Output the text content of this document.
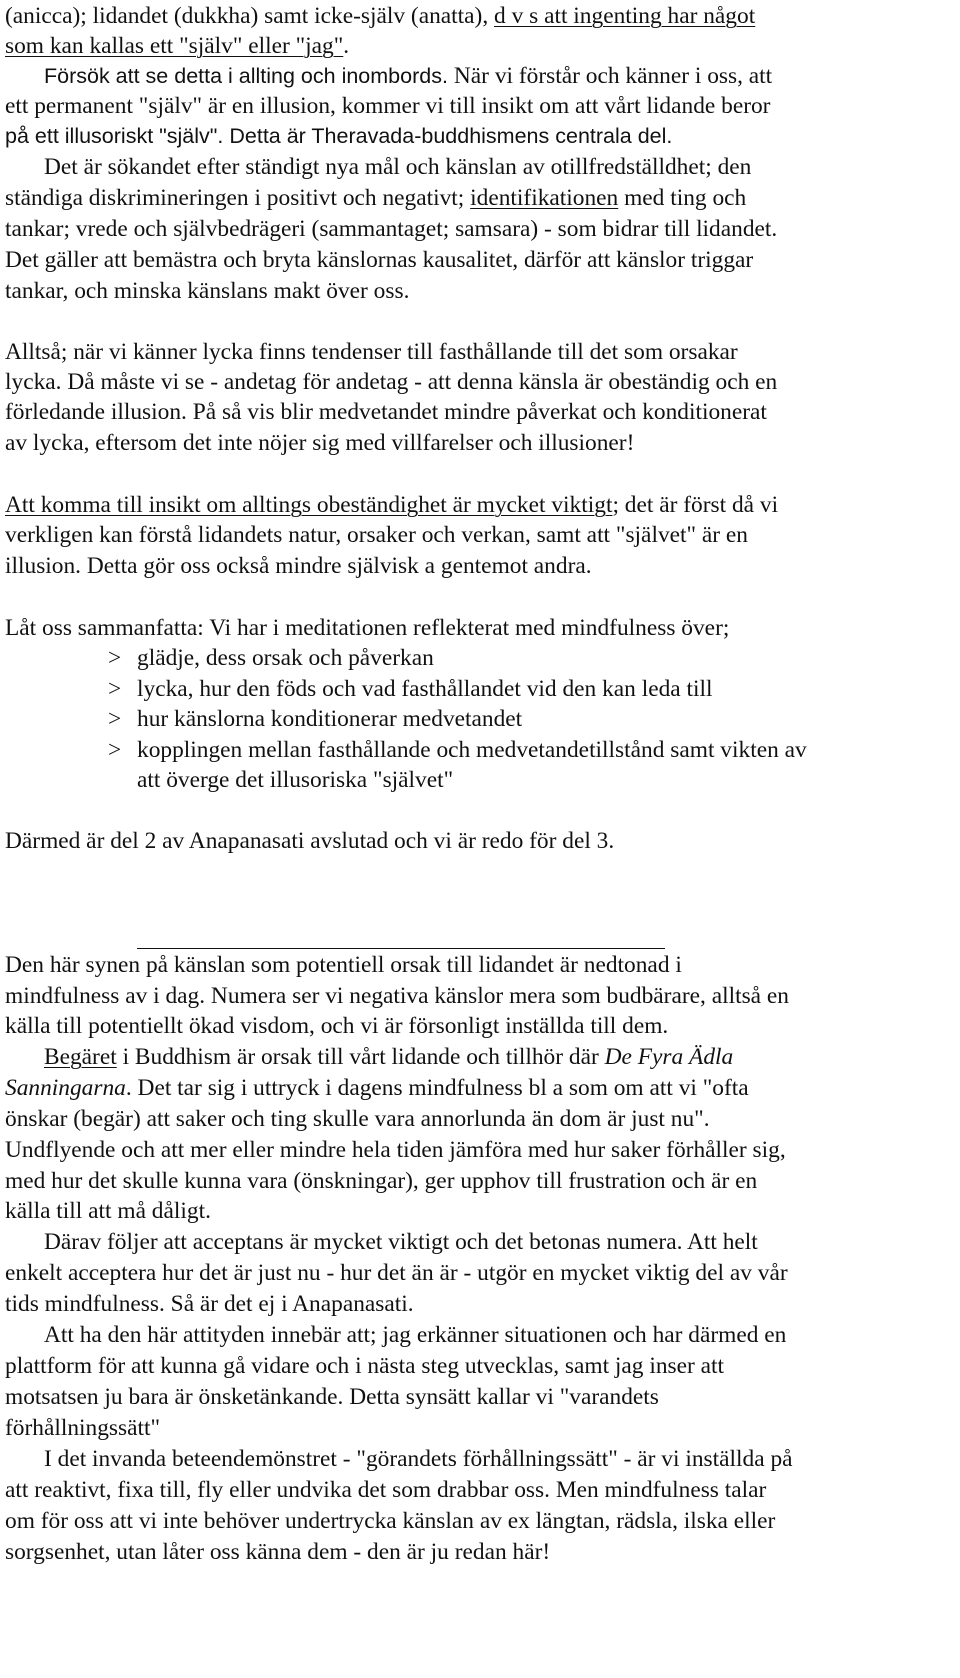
(anicca); lidandet (dukkha) samt icke-själv (anatta), d v s att ingenting har något
som kan kallas ett "själv" eller "jag".
Försök att se detta i allting och inombords. När vi förstår och känner i oss, att
ett permanent "själv" är en illusion, kommer vi till insikt om att vårt lidande beror
på ett illusoriskt "själv". Detta är Theravada-buddhismens centrala del.
Det är sökandet efter ständigt nya mål och känslan av otillfredställdhet; den
ständiga diskrimineringen i positivt och negativt; identifikationen med ting och
tankar; vrede och självbedrägeri (sammantaget; samsara) - som bidrar till lidandet.
Det gäller att bemästra och bryta känslornas kausalitet, därför att känslor triggar
tankar, och minska känslans makt över oss.
Alltså; när vi känner lycka finns tendenser till fasthållande till det som orsakar
lycka. Då måste vi se - andetag för andetag - att denna känsla är obeständig och en
förledande illusion. På så vis blir medvetandet mindre påverkat och konditionerat
av lycka, eftersom det inte nöjer sig med villfarelser och illusioner!
Att komma till insikt om alltings obeständighet är mycket viktigt; det är först då vi
verkligen kan förstå lidandets natur, orsaker och verkan, samt att "självet" är en
illusion. Detta gör oss också mindre självisk a gentemot andra.
Låt oss sammanfatta: Vi har i meditationen reflekterat med mindfulness över;
> glädje, dess orsak och påverkan
> lycka, hur den föds och vad fasthållandet vid den kan leda till
> hur känslorna konditionerar medvetandet
> kopplingen mellan fasthållande och medvetandetillstånd samt vikten av
att överge det illusoriska "självet"
Därmed är del 2 av Anapanasati avslutad och vi är redo för del 3.
Den här synen på känslan som potentiell orsak till lidandet är nedtonad i
mindfulness av i dag. Numera ser vi negativa känslor mera som budbärare, alltså en
källa till potentiellt ökad visdom, och vi är försonligt inställda till dem.
Begäret i Buddhism är orsak till vårt lidande och tillhör där De Fyra Ädla
Sanningarna. Det tar sig i uttryck i dagens mindfulness bl a som om att vi "ofta
önskar (begär) att saker och ting skulle vara annorlunda än dom är just nu".
Undflyende och att mer eller mindre hela tiden jämföra med hur saker förhåller sig,
med hur det skulle kunna vara (önskningar), ger upphov till frustration och är en
källa till att må dåligt.
Därav följer att acceptans är mycket viktigt och det betonas numera. Att helt
enkelt acceptera hur det är just nu - hur det än är - utgör en mycket viktig del av vår
tids mindfulness. Så är det ej i Anapanasati.
Att ha den här attityden innebär att; jag erkänner situationen och har därmed en
plattform för att kunna gå vidare och i nästa steg utvecklas, samt jag inser att
motsatsen ju bara är önsketänkande. Detta synsätt kallar vi "varandets
förhållningssätt"
I det invanda beteendemönstret - "görandets förhållningssätt" - är vi inställda på
att reaktivt, fixa till, fly eller undvika det som drabbar oss. Men mindfulness talar
om för oss att vi inte behöver undertrycka känslan av ex längtan, rädsla, ilska eller
sorgsenhet, utan låter oss känna dem - den är ju redan här!
